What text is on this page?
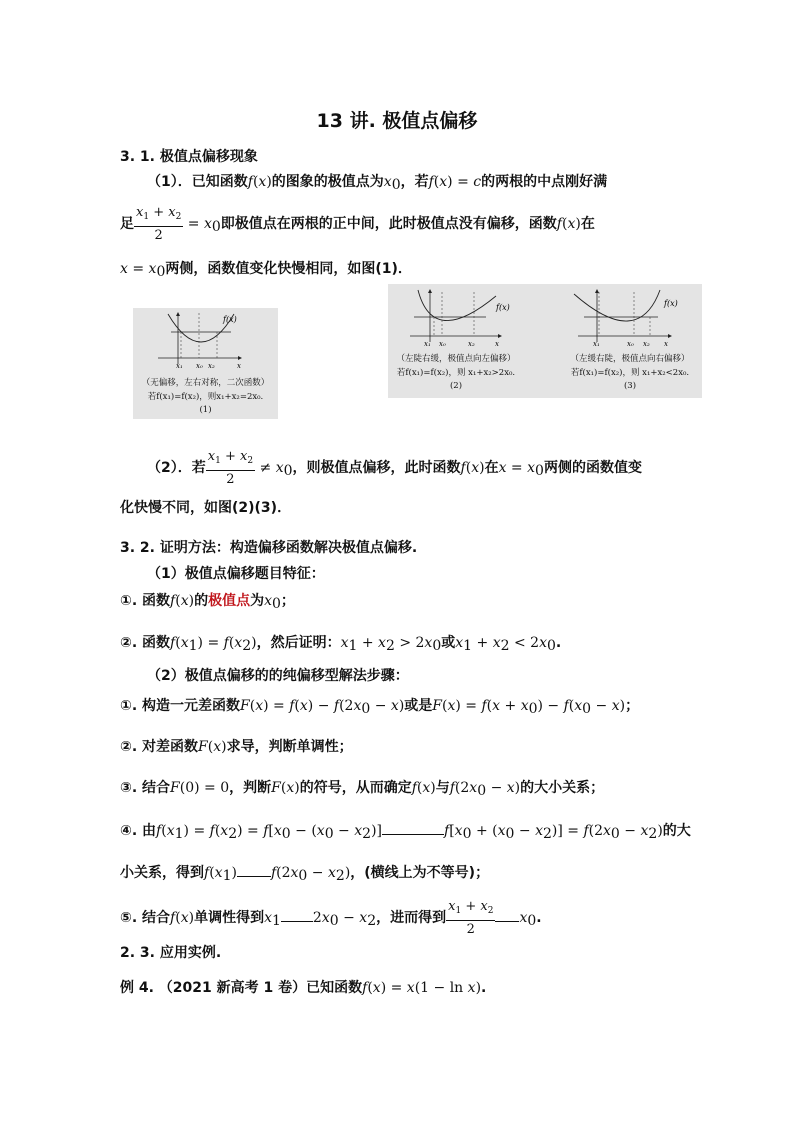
13 讲. 极值点偏移
3. 1. 极值点偏移现象
（1）．已知函数f(x)的图象的极值点为$x_0$，若f(x) = c的两根的中点刚好满
足 $\frac{x_1 + x_2}{2} = x_0$即极值点在两根的正中间，此时极值点没有偏移，函数f(x)在
$x = x_0$两侧，函数值变化快慢相同，如图(1)．
f(x)
x₁ x₀ x₂	x
（无偏移，左右对称，二次函数）
若f(x₁)=f(x₂)，则x₁+x₂=2x₀.
(1)
f(x)
x₁ x₀	x₂	x
f(x)
x₁	x₀ x₂ x
（左陡右缓，极值点向左偏移）
若f(x₁)=f(x₂)，则 x₁+x₂>2x₀.
(2)
（左缓右陡，极值点向右偏移）
若f(x₁)=f(x₂)，则 x₁+x₂<2x₀.
(3)
（2）．若 $\frac{x_1 + x_2}{2} \ne x_0$，则极值点偏移，此时函数f(x)在$x = x_0$两侧的函数值变
化快慢不同，如图(2)(3)．
3. 2. 证明方法：构造偏移函数解决极值点偏移.
（1）极值点偏移题目特征：
①. 函数f(x)的极值点为$x_0$；
②. 函数$f(x_1) = f(x_2)$，然后证明：$x_1 + x_2 > 2x_0$或$x_1 + x_2 < 2x_0$.
（2）极值点偏移的的纯偏移型解法步骤：
①. 构造一元差函数$F(x) = f(x) - f(2x_0 - x)$或是$F(x) = f(x + x_0) - f(x_0 - x)$；
②. 对差函数F(x)求导，判断单调性；
③. 结合F(0) = 0，判断F(x)的符号，从而确定f(x)与$f(2x_0 - x)$的大小关系；
④. 由$f(x_1) = f(x_2) = f[x_0 - (x_0 - x_2)]$	$f[x_0 + (x_0 - x_2)] = f(2x_0 - x_2)$的大
小关系，得到$f(x_1) f(2x_0 - x_2)$，(横线上为不等号)；
⑤. 结合f(x)单调性得到$x_1$ $2x_0 - x_2$，进而得到 $\frac{x_1 + x_2}{2} x_0$.
2. 3. 应用实例.
例 4. （2021 新高考 1 卷）已知函数f(x) = x(1 − ln x).
